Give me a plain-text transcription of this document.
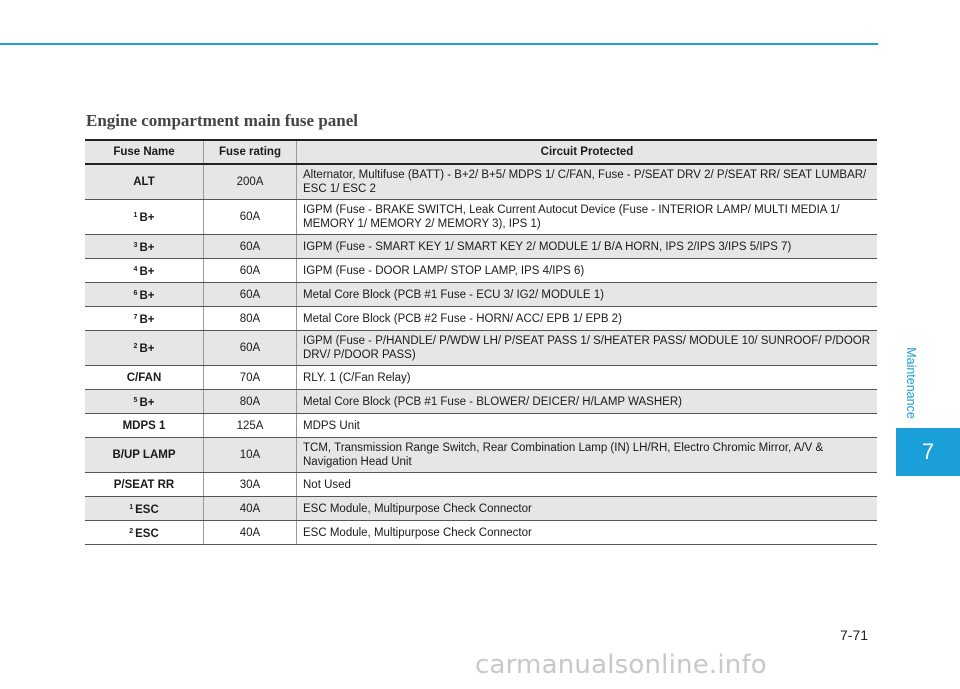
Engine compartment main fuse panel
Fuse Name	Fuse rating	Circuit Protected
ALT	200A	Alternator, Multifuse (BATT) - B+2/ B+5/ MDPS 1/ C/FAN, Fuse - P/SEAT DRV 2/ P/SEAT RR/ SEAT LUMBAR/ ESC 1/ ESC 2
$^1$ B+	60A	IGPM (Fuse - BRAKE SWITCH, Leak Current Autocut Device (Fuse - INTERIOR LAMP/ MULTI MEDIA 1/ MEMORY 1/ MEMORY 2/ MEMORY 3), IPS 1)
$^3$ B+	60A	IGPM (Fuse - SMART KEY 1/ SMART KEY 2/ MODULE 1/ B/A HORN, IPS 2/IPS 3/IPS 5/IPS 7)
$^4$ B+	60A	IGPM (Fuse - DOOR LAMP/ STOP LAMP, IPS 4/IPS 6)
$^6$ B+	60A	Metal Core Block (PCB #1 Fuse - ECU 3/ IG2/ MODULE 1)
$^7$ B+	80A	Metal Core Block (PCB #2 Fuse - HORN/ ACC/ EPB 1/ EPB 2)
$^2$ B+	60A	IGPM (Fuse - P/HANDLE/ P/WDW LH/ P/SEAT PASS 1/ S/HEATER PASS/ MODULE 10/ SUNROOF/ P/DOOR DRV/ P/DOOR PASS)
C/FAN	70A	RLY. 1 (C/Fan Relay)
$^5$ B+	80A	Metal Core Block (PCB #1 Fuse - BLOWER/ DEICER/ H/LAMP WASHER)
MDPS 1	125A	MDPS Unit
B/UP LAMP	10A	TCM, Transmission Range Switch, Rear Combination Lamp (IN) LH/RH, Electro Chromic Mirror, A/V & Navigation Head Unit
P/SEAT RR	30A	Not Used
$^1$ ESC	40A	ESC Module, Multipurpose Check Connector
$^2$ ESC	40A	ESC Module, Multipurpose Check Connector
Maintenance
7
7-71
carmanualsonline.info
